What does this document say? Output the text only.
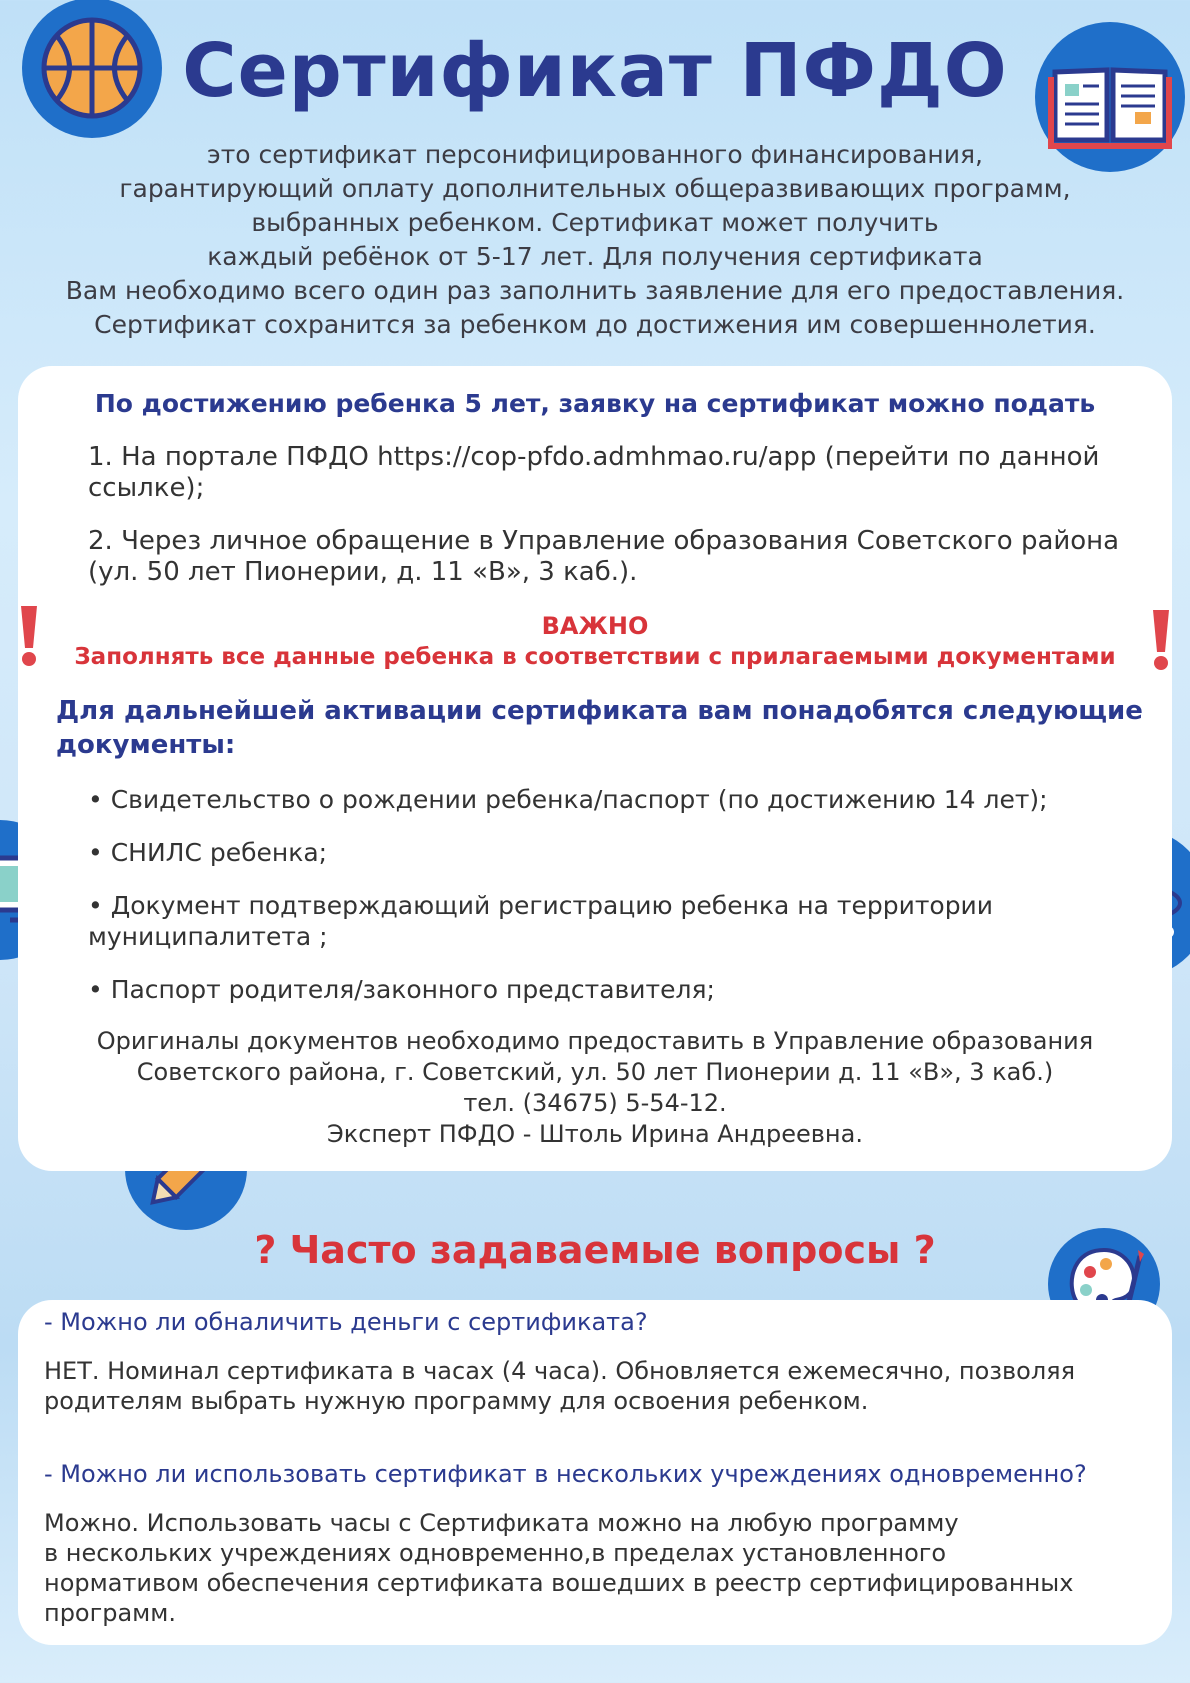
Сертификат ПФДО
это сертификат персонифицированного финансирования,
гарантирующий оплату дополнительных общеразвивающих программ,
выбранных ребенком. Сертификат может получить
каждый ребёнок от 5-17 лет. Для получения сертификата
Вам необходимо всего один раз заполнить заявление для его предоставления.
Сертификат сохранится за ребенком до достижения им совершеннолетия.
По достижению ребенка 5 лет, заявку на сертификат можно подать
1. На портале ПФДО https://cop-pfdo.admhmao.ru/app (перейти по данной
ссылке);
2. Через личное обращение в Управление образования Советского района
(ул. 50 лет Пионерии, д. 11 «В», 3 каб.).
ВАЖНО
Заполнять все данные ребенка в соответствии с прилагаемыми документами
Для дальнейшей активации сертификата вам понадобятся следующие
документы:
• Свидетельство о рождении ребенка/паспорт (по достижению 14 лет);
• СНИЛС ребенка;
• Документ подтверждающий регистрацию ребенка на территории
муниципалитета ;
• Паспорт родителя/законного представителя;
Оригиналы документов необходимо предоставить в Управление образования
Советского района, г. Советский, ул. 50 лет Пионерии д. 11 «В», 3 каб.)
тел. (34675) 5-54-12.
Эксперт ПФДО - Штоль Ирина Андреевна.
? Часто задаваемые вопросы ?
- Можно ли обналичить деньги с сертификата?
НЕТ. Номинал сертификата в часах (4 часа). Обновляется ежемесячно, позволяя
родителям выбрать нужную программу для освоения ребенком.
- Можно ли использовать сертификат в нескольких учреждениях одновременно?
Можно. Использовать часы с Сертификата можно на любую программу
в нескольких учреждениях одновременно,в пределах установленного
нормативом обеспечения сертификата вошедших в реестр сертифицированных
программ.
